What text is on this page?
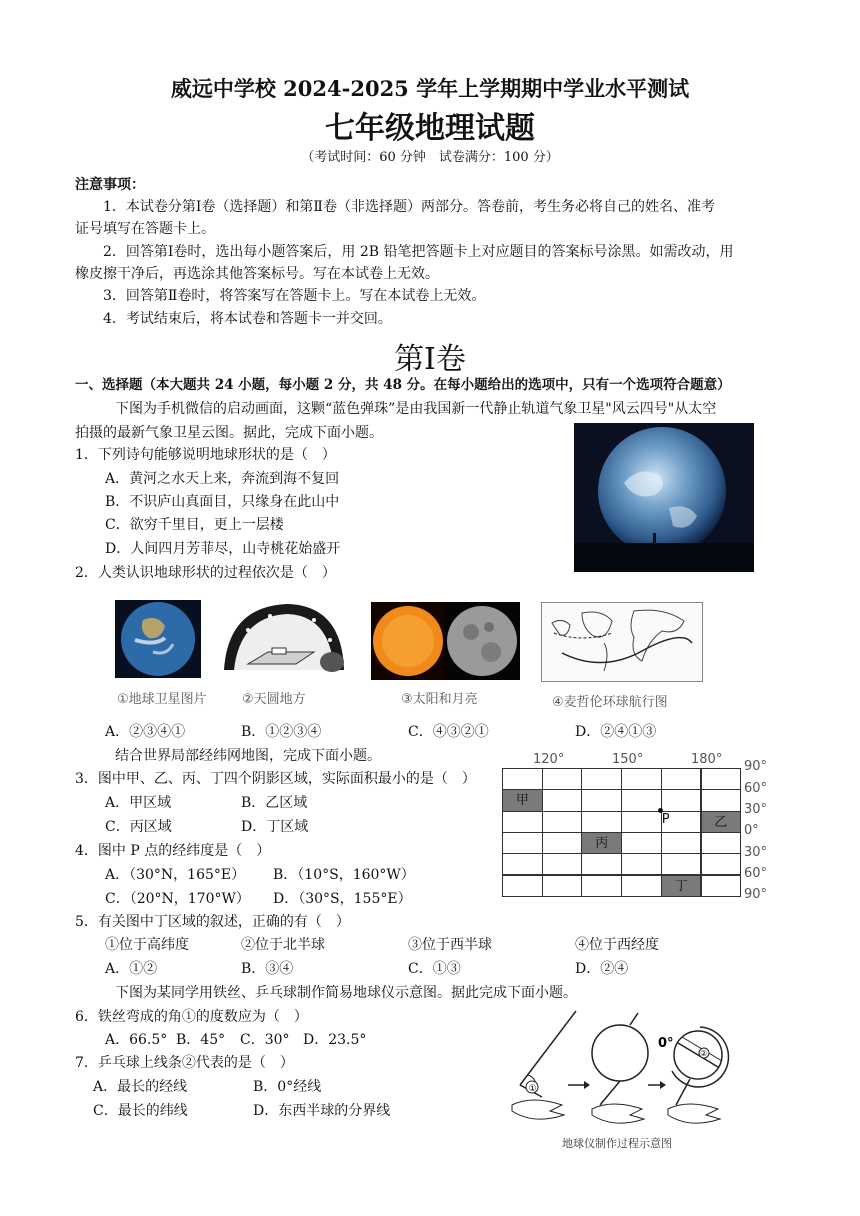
威远中学校 2024-2025 学年上学期期中学业水平测试
七年级地理试题
（考试时间：60 分钟　试卷满分：100 分）
注意事项：
1．本试卷分第Ⅰ卷（选择题）和第Ⅱ卷（非选择题）两部分。答卷前，考生务必将自己的姓名、准考
证号填写在答题卡上。
2．回答第Ⅰ卷时，选出每小题答案后，用 2B 铅笔把答题卡上对应题目的答案标号涂黑。如需改动，用
橡皮擦干净后，再选涂其他答案标号。写在本试卷上无效。
3．回答第Ⅱ卷时，将答案写在答题卡上。写在本试卷上无效。
4．考试结束后，将本试卷和答题卡一并交回。
第Ⅰ卷
一、选择题（本大题共 24 小题，每小题 2 分，共 48 分。在每小题给出的选项中，只有一个选项符合题意）
下图为手机微信的启动画面，这颗“蓝色弹珠”是由我国新一代静止轨道气象卫星"风云四号"从太空
拍摄的最新气象卫星云图。据此，完成下面小题。
1．下列诗句能够说明地球形状的是（　）
A．黄河之水天上来，奔流到海不复回
B．不识庐山真面目，只缘身在此山中
C．欲穷千里目，更上一层楼
D．人间四月芳菲尽，山寺桃花始盛开
2．人类认识地球形状的过程依次是（　）
①地球卫星图片	②天圆地方	③太阳和月亮	④麦哲伦环球航行图
A．②③④①	B．①②③④	C．④③②①	D．②④①③
结合世界局部经纬网地图，完成下面小题。	120°	150°	180°
甲
乙
丙
丁
P
90°
60°
30°
0°
30°
60°
90°
3．图中甲、乙、丙、丁四个阴影区域，实际面积最小的是（　）
A．甲区域	B．乙区域
C．丙区域	D．丁区域
4．图中 P 点的经纬度是（　）
A．（30°N，165°E） B．（10°S，160°W）
C．（20°N，170°W） D．（30°S，155°E）
5．有关图中丁区域的叙述，正确的有（　）
①位于高纬度	②位于北半球	③位于西半球	④位于西经度
A．①②	B．③④	C．①③	D．②④
下图为某同学用铁丝、乒乓球制作简易地球仪示意图。据此完成下面小题。
6．铁丝弯成的角①的度数应为（　）
A．66.5° B．45° C．30° D．23.5°
7．乒乓球上线条②代表的是（　）
A．最长的经线	B．0°经线
C．最长的纬线	D．东西半球的分界线
①
②
0°
地球仪制作过程示意图
